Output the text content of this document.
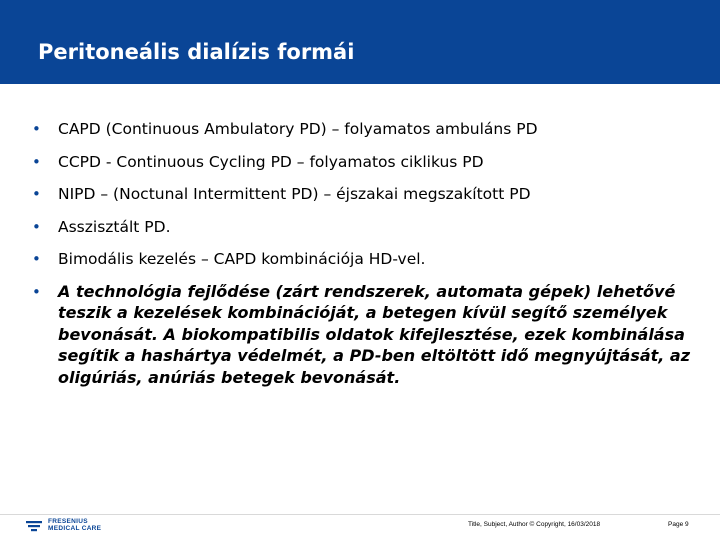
Peritoneális dialízis formái
• CAPD (Continuous Ambulatory PD) – folyamatos ambuláns PD
• CCPD - Continuous Cycling PD – folyamatos ciklikus PD
• NIPD – (Noctunal Intermittent PD) – éjszakai megszakított PD
• Asszisztált PD.
• Bimodális kezelés – CAPD kombinációja HD-vel.
• A technológia fejlődése (zárt rendszerek, automata gépek) lehetővé teszik a kezelések kombinációját, a betegen kívül segítő személyek bevonását. A biokompatibilis oldatok kifejlesztése, ezek kombinálása segítik a hashártya védelmét, a PD-ben eltöltött idő megnyújtását, az oligúriás, anúriás betegek bevonását.
FRESENIUS
MEDICAL CARE
Title, Subject, Author © Copyright, 16/03/2018	Page 9
